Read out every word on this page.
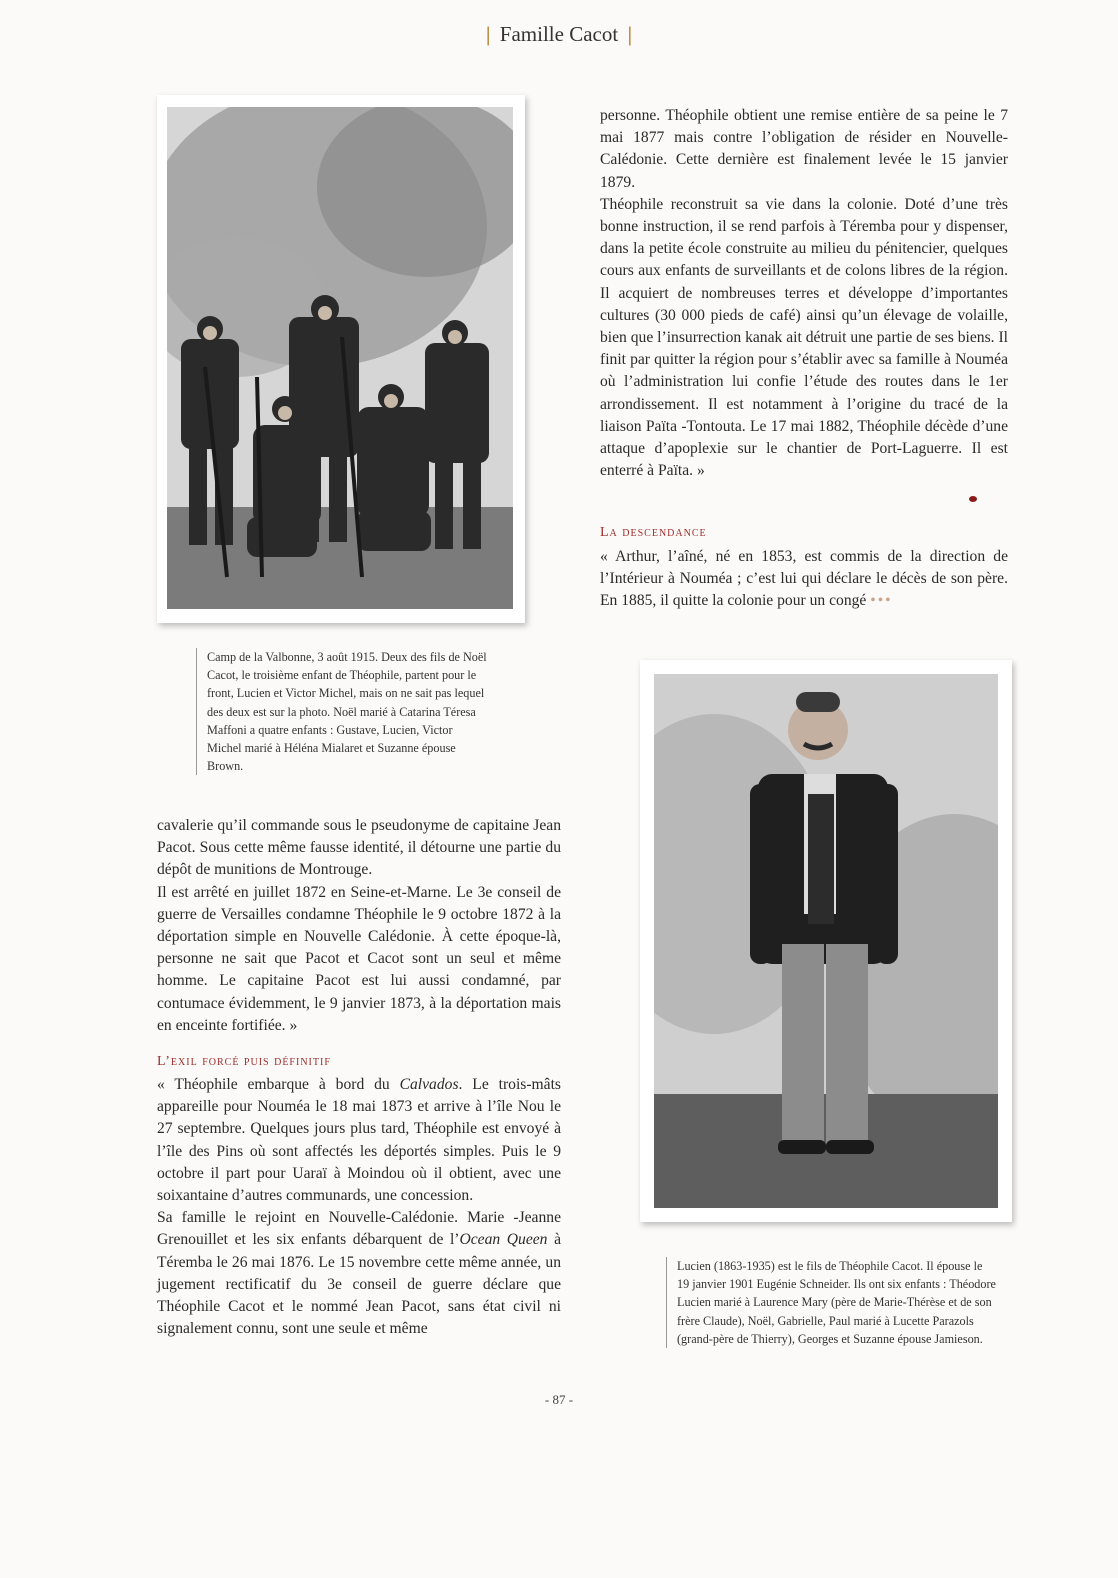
| Famille Cacot |

personne. Théophile obtient une remise entière de sa peine le 7 mai 1877 mais contre l’obligation de résider en Nouvelle-Calédonie. Cette dernière est finalement levée le 15 janvier 1879.

Théophile reconstruit sa vie dans la colonie. Doté d’une très bonne instruction, il se rend parfois à Téremba pour y dispenser, dans la petite école construite au milieu du pénitencier, quelques cours aux enfants de surveillants et de colons libres de la région. Il acquiert de nombreuses terres et développe d’importantes cultures (30 000 pieds de café) ainsi qu’un élevage de volaille, bien que l’insurrection kanak ait détruit une partie de ses biens. Il finit par quitter la région pour s’établir avec sa famille à Nouméa où l’administration lui confie l’étude des routes dans le 1er arrondissement. Il est notamment à l’origine du tracé de la liaison Païta -Tontouta. Le 17 mai 1882, Théophile décède d’une attaque d’apoplexie sur le chantier de Port-Laguerre. Il est enterré à Païta. »

La descendance

« Arthur, l’aîné, né en 1853, est commis de la direction de l’Intérieur à Nouméa ; c’est lui qui déclare le décès de son père. En 1885, il quitte la colonie pour un congé •••

Camp de la Valbonne, 3 août 1915. Deux des fils de Noël Cacot, le troisième enfant de Théophile, partent pour le front, Lucien et Victor Michel, mais on ne sait pas lequel des deux est sur la photo. Noël marié à Catarina Téresa Maffoni a quatre enfants : Gustave, Lucien, Victor Michel marié à Héléna Mialaret et Suzanne épouse Brown.

cavalerie qu’il commande sous le pseudonyme de capitaine Jean Pacot. Sous cette même fausse identité, il détourne une partie du dépôt de munitions de Montrouge.

Il est arrêté en juillet 1872 en Seine-et-Marne. Le 3e conseil de guerre de Versailles condamne Théophile le 9 octobre 1872 à la déportation simple en Nouvelle Calédonie. À cette époque-là, personne ne sait que Pacot et Cacot sont un seul et même homme. Le capitaine Pacot est lui aussi condamné, par contumace évidemment, le 9 janvier 1873, à la déportation mais en enceinte fortifiée. »

L’exil forcé puis définitif

« Théophile embarque à bord du Calvados. Le trois-mâts appareille pour Nouméa le 18 mai 1873 et arrive à l’île Nou le 27 septembre. Quelques jours plus tard, Théophile est envoyé à l’île des Pins où sont affectés les déportés simples. Puis le 9 octobre il part pour Uaraï à Moindou où il obtient, avec une soixantaine d’autres communards, une concession.

Sa famille le rejoint en Nouvelle-Calédonie. Marie -Jeanne Grenouillet et les six enfants débarquent de l’Ocean Queen à Téremba le 26 mai 1876. Le 15 novembre cette même année, un jugement rectificatif du 3e conseil de guerre déclare que Théophile Cacot et le nommé Jean Pacot, sans état civil ni signalement connu, sont une seule et même

Lucien (1863-1935) est le fils de Théophile Cacot. Il épouse le 19 janvier 1901 Eugénie Schneider. Ils ont six enfants : Théodore Lucien marié à Laurence Mary (père de Marie-Thérèse et de son frère Claude), Noël, Gabrielle, Paul marié à Lucette Parazols (grand-père de Thierry), Georges et Suzanne épouse Jamieson.
- 87 -
